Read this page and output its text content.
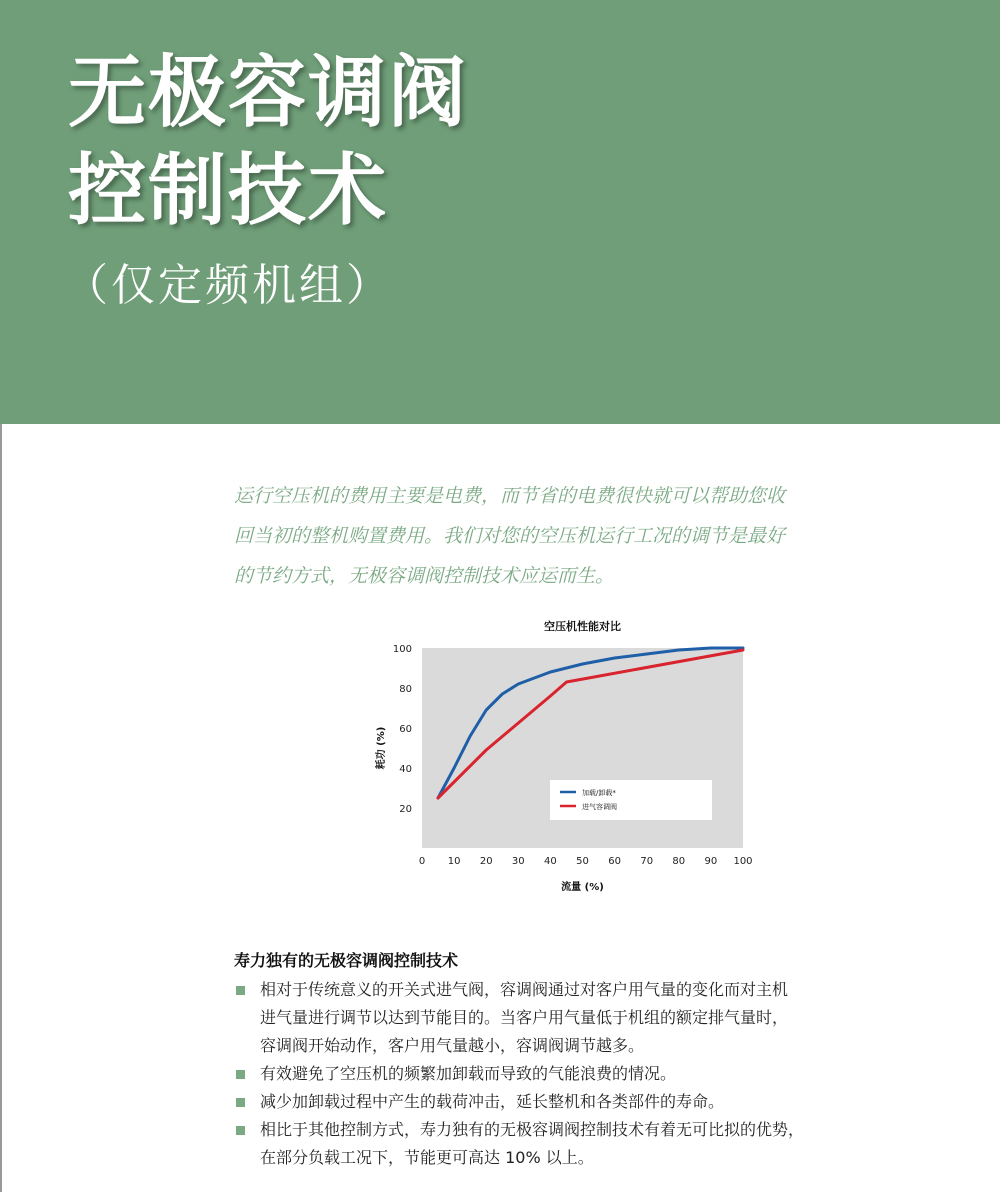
无极容调阀
控制技术
（仅定频机组）
运行空压机的费用主要是电费，而节省的电费很快就可以帮助您收
回当初的整机购置费用。我们对您的空压机运行工况的调节是最好
的节约方式，无极容调阀控制技术应运而生。
空压机性能对比
20
40
60
80
100
0 10 20 30 40 50 60 70 80 90 100
流量 (%)
耗功 (%)
加载/卸载*
进气容调阀
寿力独有的无极容调阀控制技术
相对于传统意义的开关式进气阀，容调阀通过对客户用气量的变化而对主机
进气量进行调节以达到节能目的。当客户用气量低于机组的额定排气量时，
容调阀开始动作，客户用气量越小，容调阀调节越多。
有效避免了空压机的频繁加卸载而导致的气能浪费的情况。
减少加卸载过程中产生的载荷冲击，延长整机和各类部件的寿命。
相比于其他控制方式，寿力独有的无极容调阀控制技术有着无可比拟的优势，
在部分负载工况下，节能更可高达 10% 以上。
